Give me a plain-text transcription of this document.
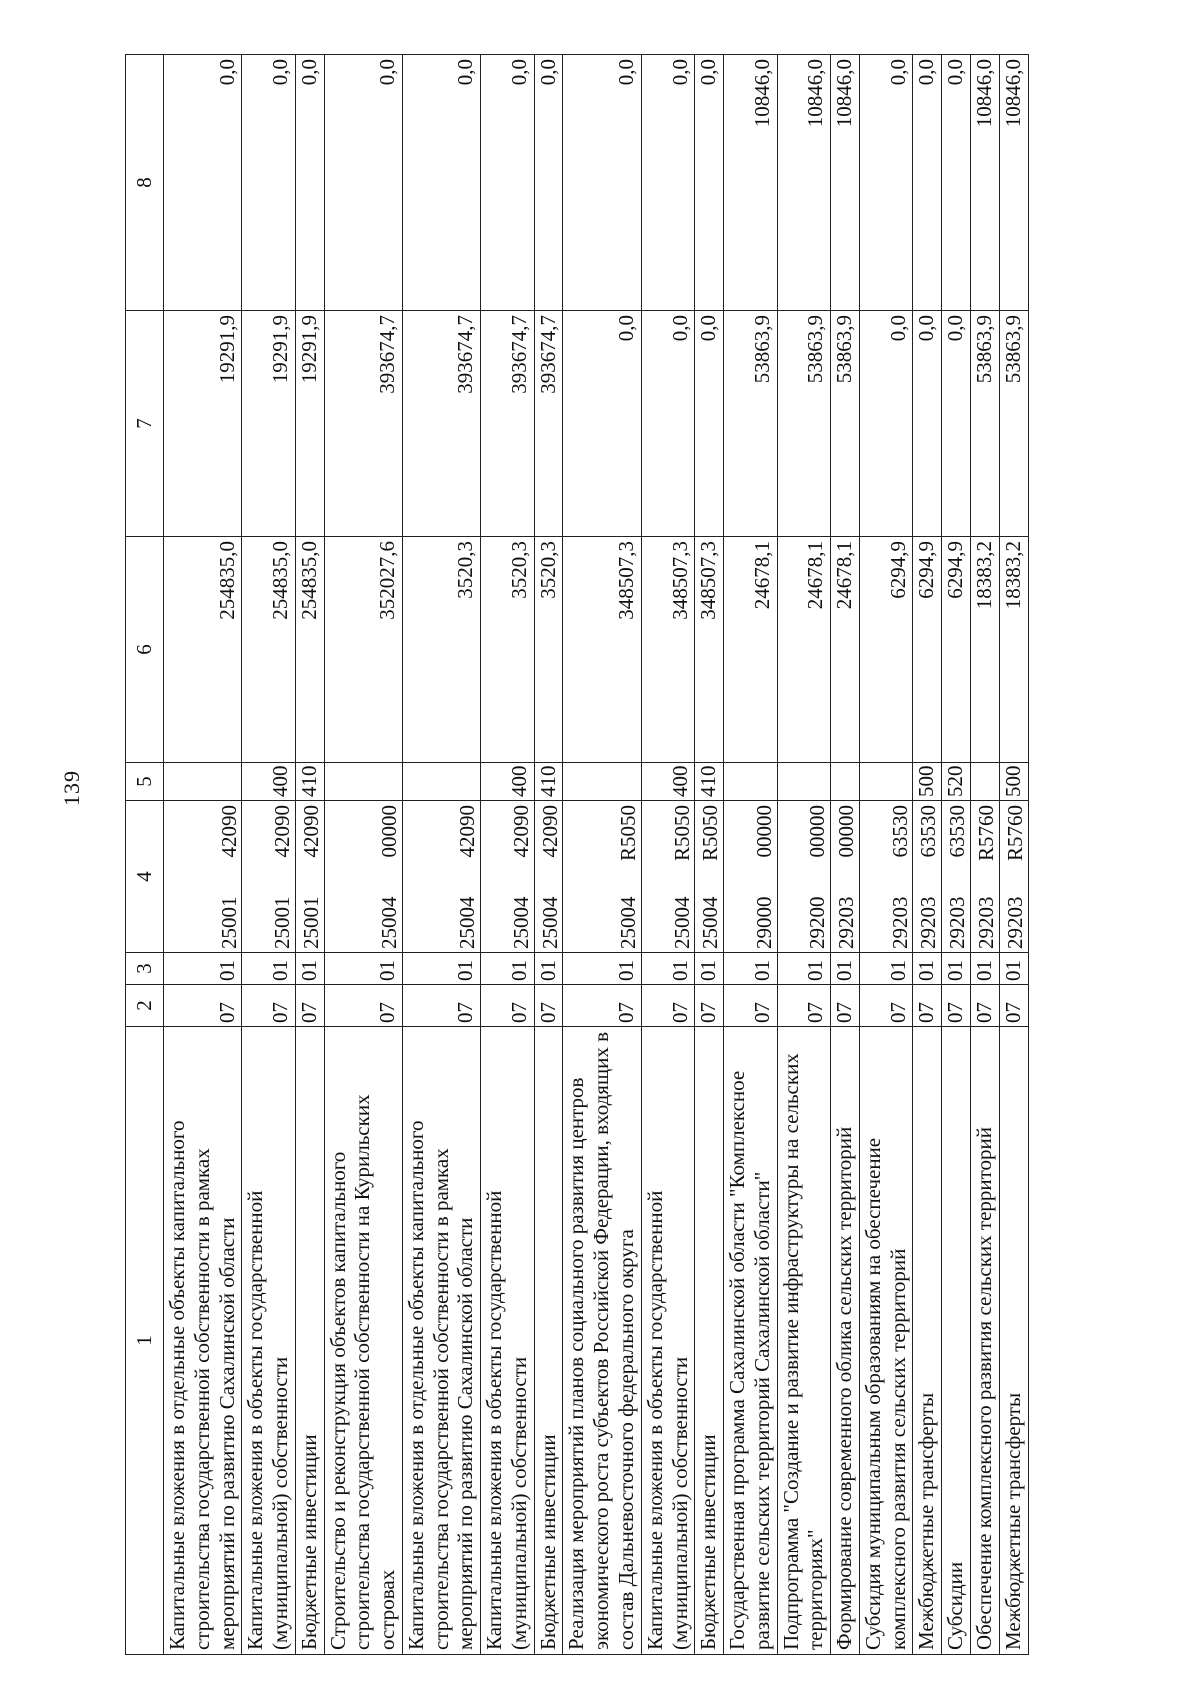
139
1	2	3	4	5	6	7	8
Капитальные вложения в отдельные объекты капитального строительства государственной собственности в рамках мероприятий по развитию Сахалинской области	07	01	2500142090		254835,0	19291,9	0,0
Капитальные вложения в объекты государственной (муниципальной) собственности	07	01	2500142090	400	254835,0	19291,9	0,0
Бюджетные инвестиции	07	01	2500142090	410	254835,0	19291,9	0,0
Строительство и реконструкция объектов капитального строительства государственной собственности на Курильских островах	07	01	2500400000		352027,6	393674,7	0,0
Капитальные вложения в отдельные объекты капитального строительства государственной собственности в рамках мероприятий по развитию Сахалинской области	07	01	2500442090		3520,3	393674,7	0,0
Капитальные вложения в объекты государственной (муниципальной) собственности	07	01	2500442090	400	3520,3	393674,7	0,0
Бюджетные инвестиции	07	01	2500442090	410	3520,3	393674,7	0,0
Реализация мероприятий планов социального развития центров экономического роста субъектов Российской Федерации, входящих в состав Дальневосточного федерального округа	07	01	25004R5050		348507,3	0,0	0,0
Капитальные вложения в объекты государственной (муниципальной) собственности	07	01	25004R5050	400	348507,3	0,0	0,0
Бюджетные инвестиции	07	01	25004R5050	410	348507,3	0,0	0,0
Государственная программа Сахалинской области "Комплексное развитие сельских территорий Сахалинской области"	07	01	2900000000		24678,1	53863,9	10846,0
Подпрограмма "Создание и развитие инфраструктуры на сельских территориях"	07	01	2920000000		24678,1	53863,9	10846,0
Формирование современного облика сельских территорий	07	01	2920300000		24678,1	53863,9	10846,0
Субсидия муниципальным образованиям на обеспечение комплексного развития сельских территорий	07	01	2920363530		6294,9	0,0	0,0
Межбюджетные трансферты	07	01	2920363530	500	6294,9	0,0	0,0
Субсидии	07	01	2920363530	520	6294,9	0,0	0,0
Обеспечение комплексного развития сельских территорий	07	01	29203R5760		18383,2	53863,9	10846,0
Межбюджетные трансферты	07	01	29203R5760	500	18383,2	53863,9	10846,0
